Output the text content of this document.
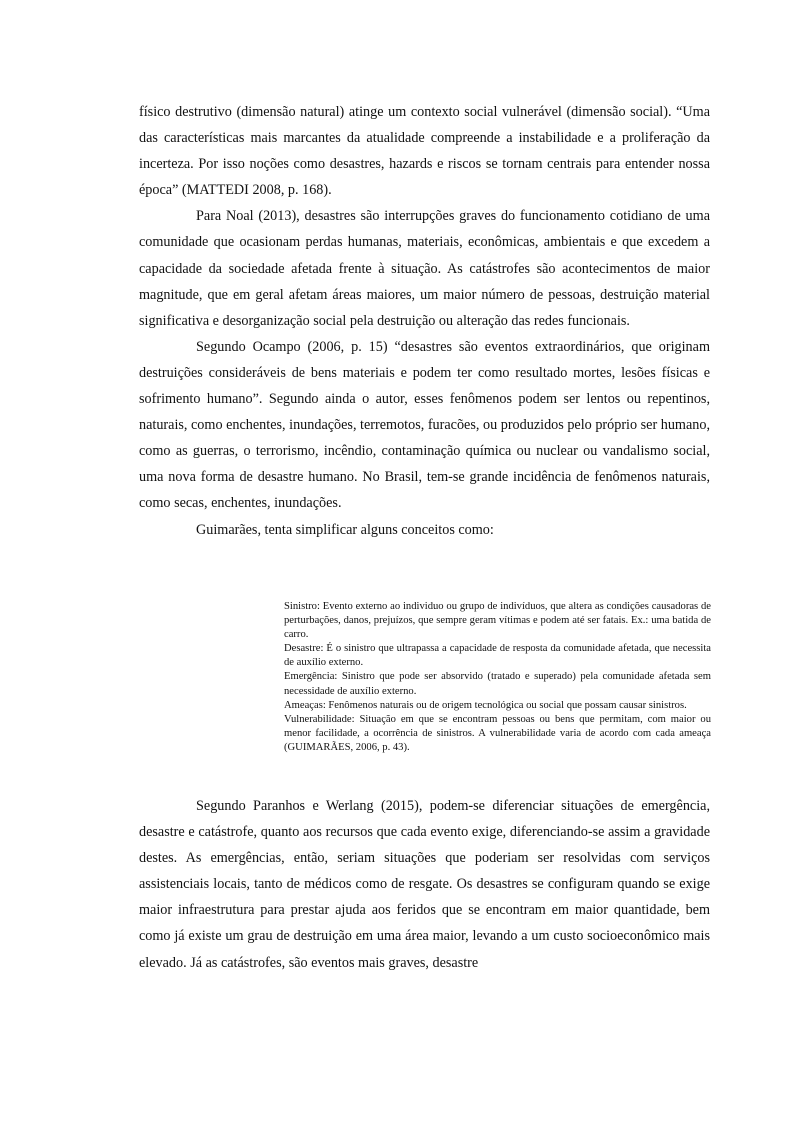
físico destrutivo (dimensão natural) atinge um contexto social vulnerável (dimensão social). “Uma das características mais marcantes da atualidade compreende a instabilidade e a proliferação da incerteza. Por isso noções como desastres, hazards e riscos se tornam centrais para entender nossa época” (MATTEDI 2008, p. 168).

Para Noal (2013), desastres são interrupções graves do funcionamento cotidiano de uma comunidade que ocasionam perdas humanas, materiais, econômicas, ambientais e que excedem a capacidade da sociedade afetada frente à situação. As catástrofes são acontecimentos de maior magnitude, que em geral afetam áreas maiores, um maior número de pessoas, destruição material significativa e desorganização social pela destruição ou alteração das redes funcionais.

Segundo Ocampo (2006, p. 15) “desastres são eventos extraordinários, que originam destruições consideráveis de bens materiais e podem ter como resultado mortes, lesões físicas e sofrimento humano”. Segundo ainda o autor, esses fenômenos podem ser lentos ou repentinos, naturais, como enchentes, inundações, terremotos, furacões, ou produzidos pelo próprio ser humano, como as guerras, o terrorismo, incêndio, contaminação química ou nuclear ou vandalismo social, uma nova forma de desastre humano. No Brasil, tem-se grande incidência de fenômenos naturais, como secas, enchentes, inundações.

Guimarães, tenta simplificar alguns conceitos como:

Sinistro: Evento externo ao individuo ou grupo de indivíduos, que altera as condições causadoras de perturbações, danos, prejuízos, que sempre geram vítimas e podem até ser fatais. Ex.: uma batida de carro.

Desastre: É o sinistro que ultrapassa a capacidade de resposta da comunidade afetada, que necessita de auxílio externo.

Emergência: Sinistro que pode ser absorvido (tratado e superado) pela comunidade afetada sem necessidade de auxílio externo.

Ameaças: Fenômenos naturais ou de origem tecnológica ou social que possam causar sinistros.

Vulnerabilidade: Situação em que se encontram pessoas ou bens que permitam, com maior ou menor facilidade, a ocorrência de sinistros. A vulnerabilidade varia de acordo com cada ameaça (GUIMARÃES, 2006, p. 43).

Segundo Paranhos e Werlang (2015), podem-se diferenciar situações de emergência, desastre e catástrofe, quanto aos recursos que cada evento exige, diferenciando-se assim a gravidade destes. As emergências, então, seriam situações que poderiam ser resolvidas com serviços assistenciais locais, tanto de médicos como de resgate. Os desastres se configuram quando se exige maior infraestrutura para prestar ajuda aos feridos que se encontram em maior quantidade, bem como já existe um grau de destruição em uma área maior, levando a um custo socioeconômico mais elevado. Já as catástrofes, são eventos mais graves, desastre
